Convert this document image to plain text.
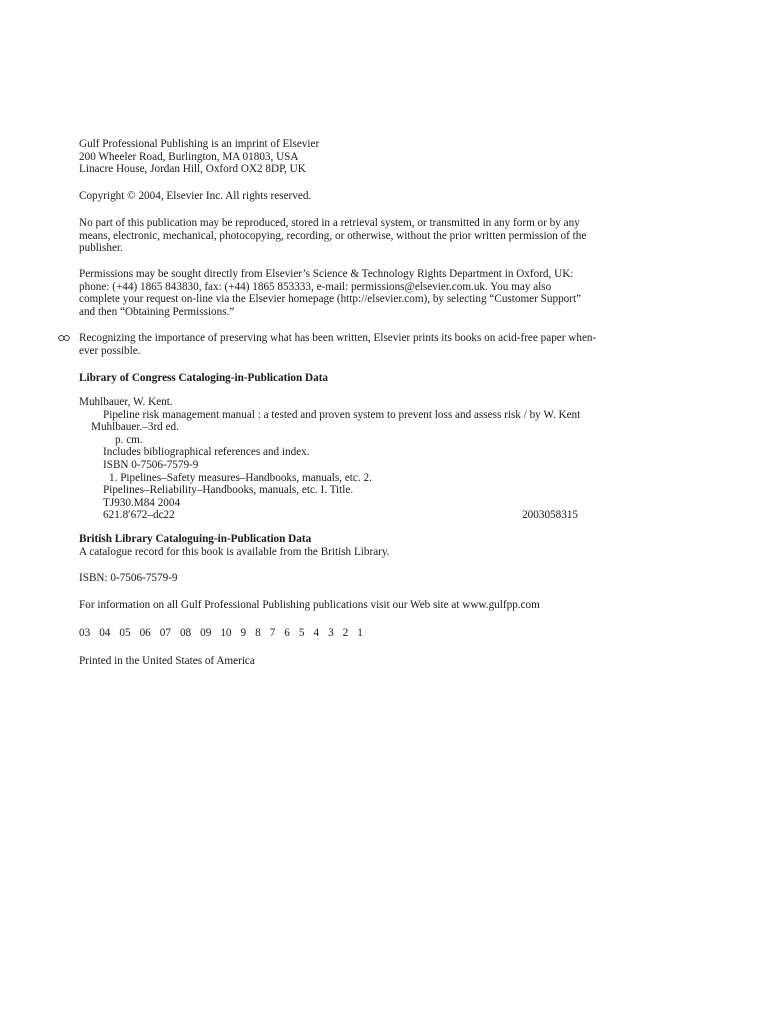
Gulf Professional Publishing is an imprint of Elsevier
200 Wheeler Road, Burlington, MA 01803, USA
Linacre House, Jordan Hill, Oxford OX2 8DP, UK
Copyright © 2004, Elsevier Inc. All rights reserved.
No part of this publication may be reproduced, stored in a retrieval system, or transmitted in any form or by any
means, electronic, mechanical, photocopying, recording, or otherwise, without the prior written permission of the
publisher.
Permissions may be sought directly from Elsevier’s Science & Technology Rights Department in Oxford, UK:
phone: (+44) 1865 843830, fax: (+44) 1865 853333, e-mail: permissions@elsevier.com.uk. You may also
complete your request on-line via the Elsevier homepage (http://elsevier.com), by selecting “Customer Support”
and then “Obtaining Permissions.”
Recognizing the importance of preserving what has been written, Elsevier prints its books on acid-free paper when-
ever possible.
Library of Congress Cataloging-in-Publication Data
Muhlbauer, W. Kent.
Pipeline risk management manual : a tested and proven system to prevent loss and assess risk / by W. Kent
Muhlbauer.–3rd ed.
p. cm.
Includes bibliographical references and index.
ISBN 0-7506-7579-9
1. Pipelines–Safety measures–Handbooks, manuals, etc. 2.
Pipelines–Reliability–Handbooks, manuals, etc. I. Title.
TJ930.M84 2004
621.8′672–dc22	2003058315
British Library Cataloguing-in-Publication Data
A catalogue record for this book is available from the British Library.
ISBN: 0-7506-7579-9
For information on all Gulf Professional Publishing publications visit our Web site at www.gulfpp.com
03 04 05 06 07 08 09 10 9 8 7 6 5 4 3 2 1
Printed in the United States of America
